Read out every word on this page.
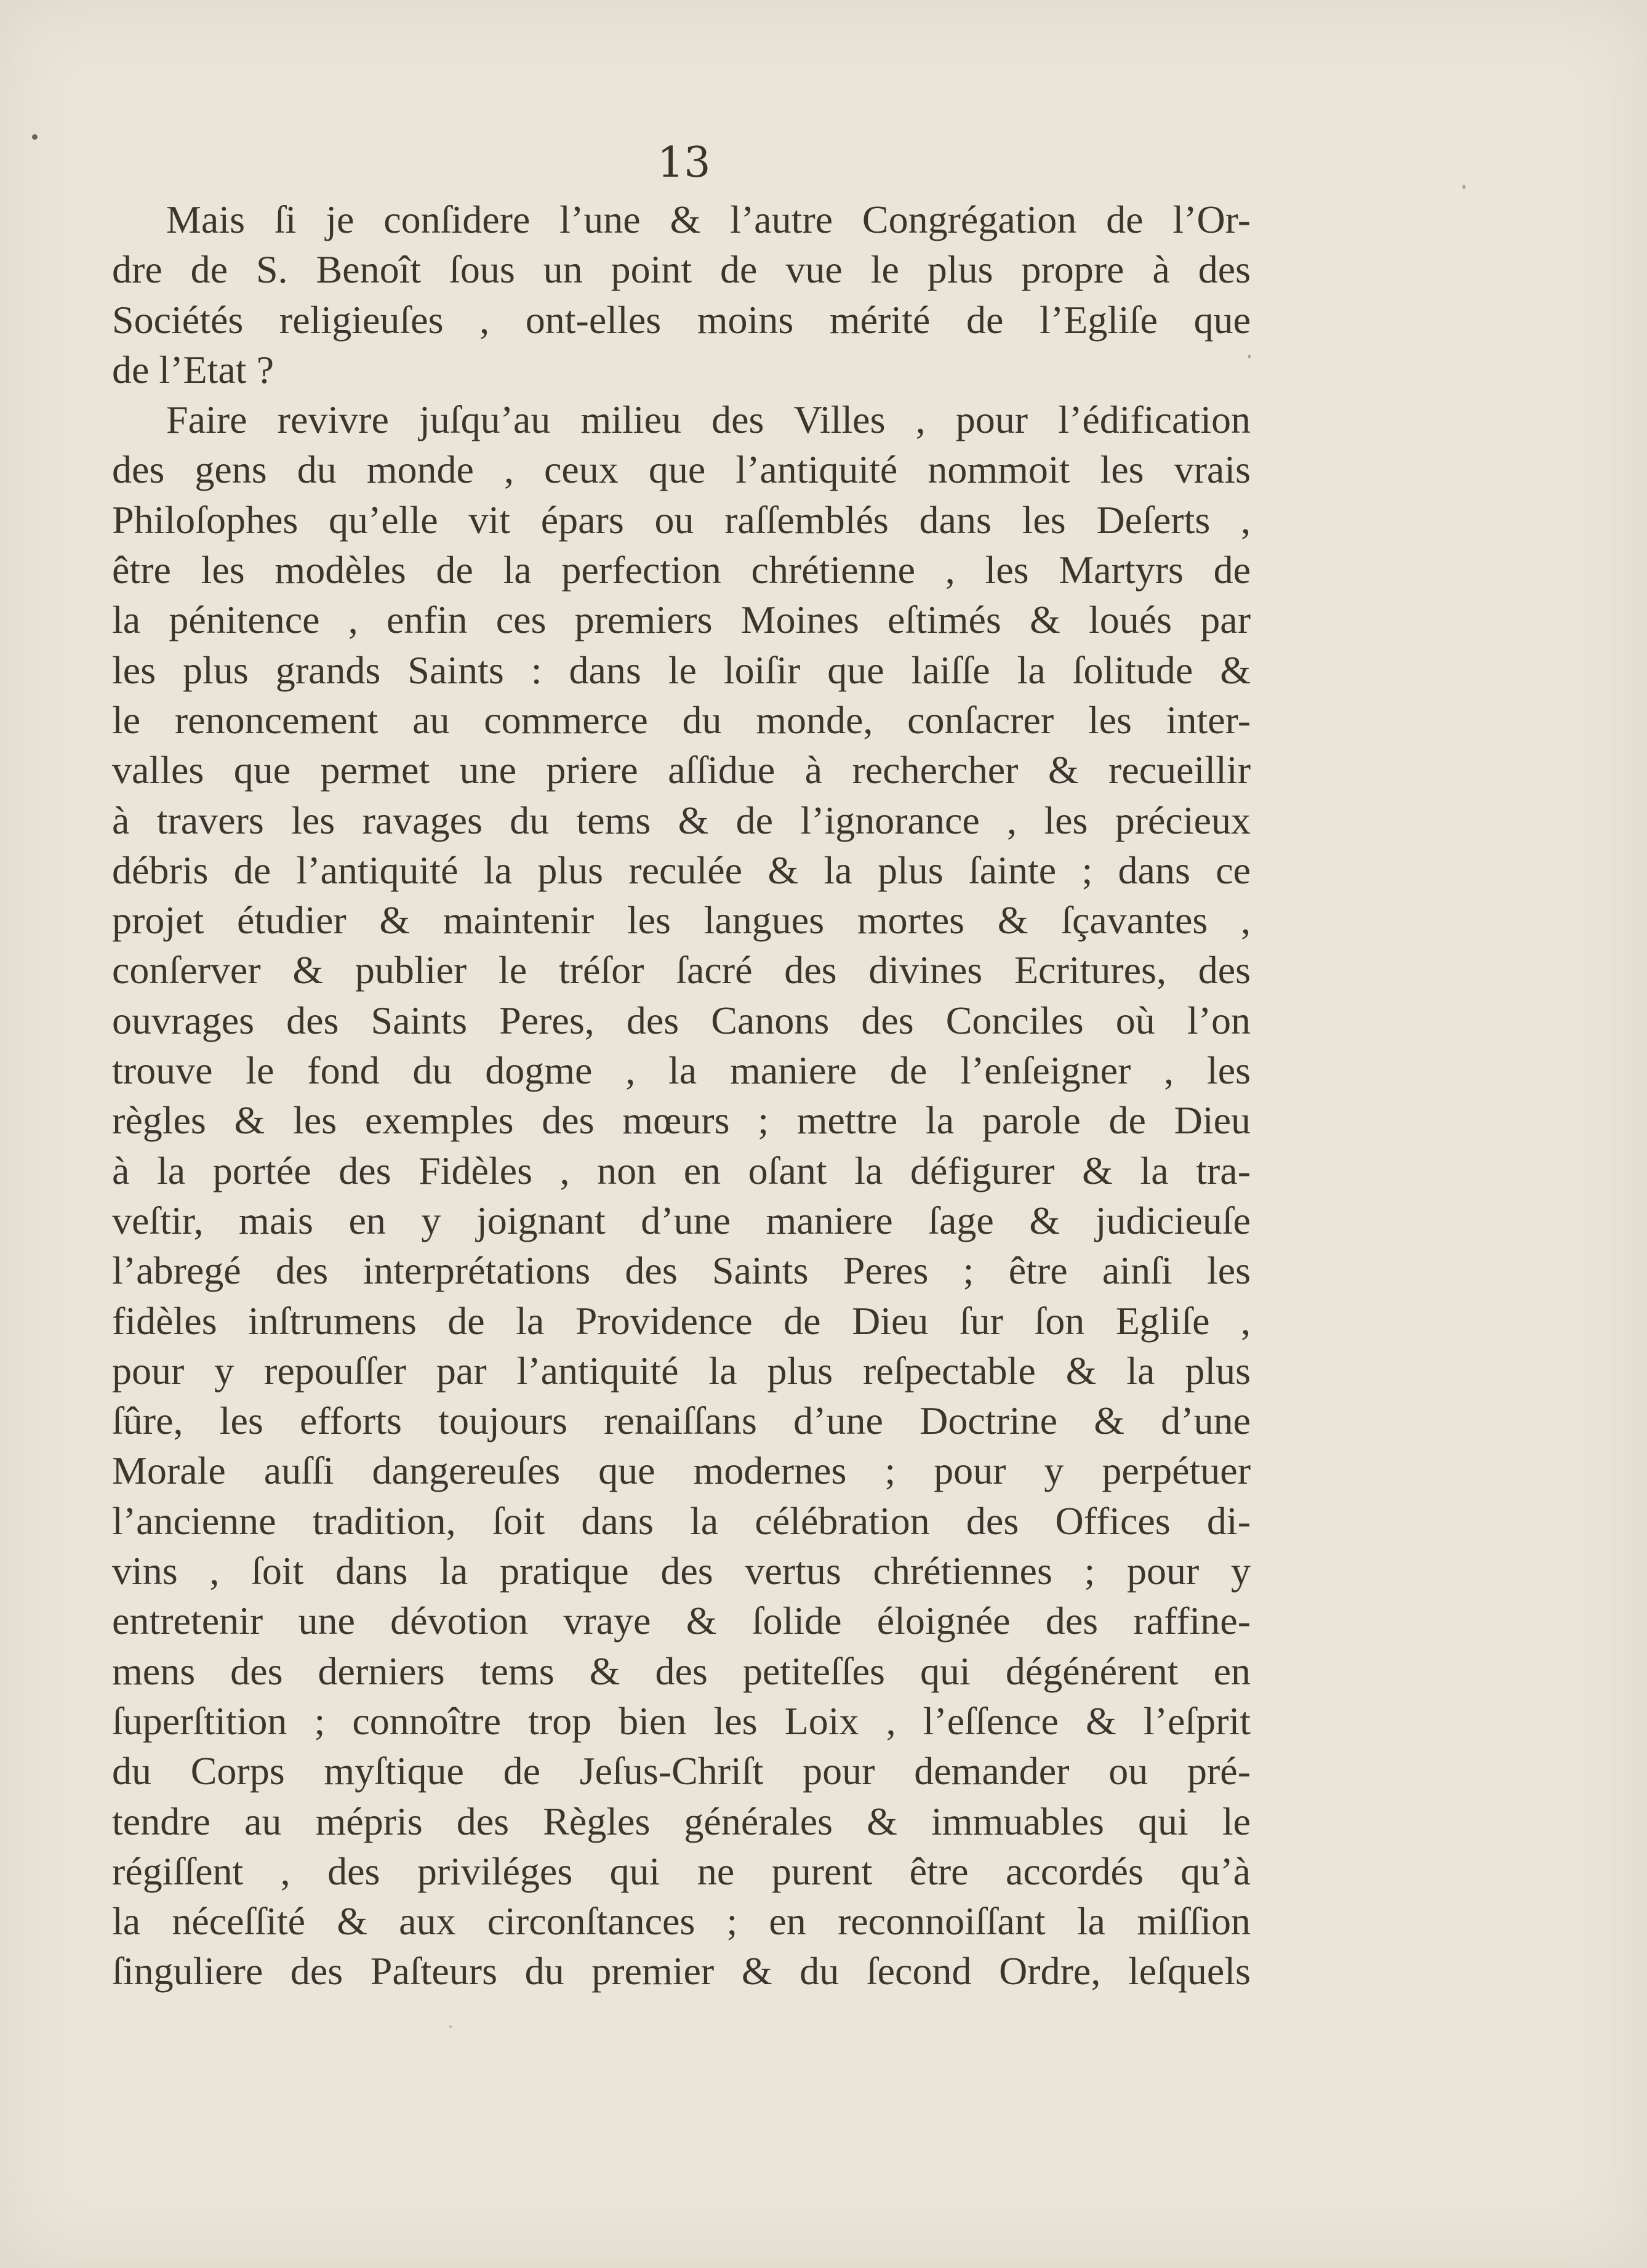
13
Mais ſi je conſidere l’une & l’autre Congrégation de l’Or-
dre de S. Benoît ſous un point de vue le plus propre à des
Sociétés religieuſes , ont-elles moins mérité de l’Egliſe que
de l’Etat ?
Faire revivre juſqu’au milieu des Villes , pour l’édification
des gens du monde , ceux que l’antiquité nommoit les vrais
Philoſophes qu’elle vit épars ou raſſemblés dans les Deſerts ,
être les modèles de la perfection chrétienne , les Martyrs de
la pénitence , enfin ces premiers Moines eſtimés & loués par
les plus grands Saints : dans le loiſir que laiſſe la ſolitude &
le renoncement au commerce du monde, conſacrer les inter-
valles que permet une priere aſſidue à rechercher & recueillir
à travers les ravages du tems & de l’ignorance , les précieux
débris de l’antiquité la plus reculée & la plus ſainte ; dans ce
projet étudier & maintenir les langues mortes & ſçavantes ,
conſerver & publier le tréſor ſacré des divines Ecritures, des
ouvrages des Saints Peres, des Canons des Conciles où l’on
trouve le fond du dogme , la maniere de l’enſeigner , les
règles & les exemples des mœurs ; mettre la parole de Dieu
à la portée des Fidèles , non en oſant la défigurer & la tra-
veſtir, mais en y joignant d’une maniere ſage & judicieuſe
l’abregé des interprétations des Saints Peres ; être ainſi les
fidèles inſtrumens de la Providence de Dieu ſur ſon Egliſe ,
pour y repouſſer par l’antiquité la plus reſpectable & la plus
ſûre, les efforts toujours renaiſſans d’une Doctrine & d’une
Morale auſſi dangereuſes que modernes ; pour y perpétuer
l’ancienne tradition, ſoit dans la célébration des Offices di-
vins , ſoit dans la pratique des vertus chrétiennes ; pour y
entretenir une dévotion vraye & ſolide éloignée des raffine-
mens des derniers tems & des petiteſſes qui dégénérent en
ſuperſtition ; connoître trop bien les Loix , l’eſſence & l’eſprit
du Corps myſtique de Jeſus-Chriſt pour demander ou pré-
tendre au mépris des Règles générales & immuables qui le
régiſſent , des priviléges qui ne purent être accordés qu’à
la néceſſité & aux circonſtances ; en reconnoiſſant la miſſion
ſinguliere des Paſteurs du premier & du ſecond Ordre, leſquels
